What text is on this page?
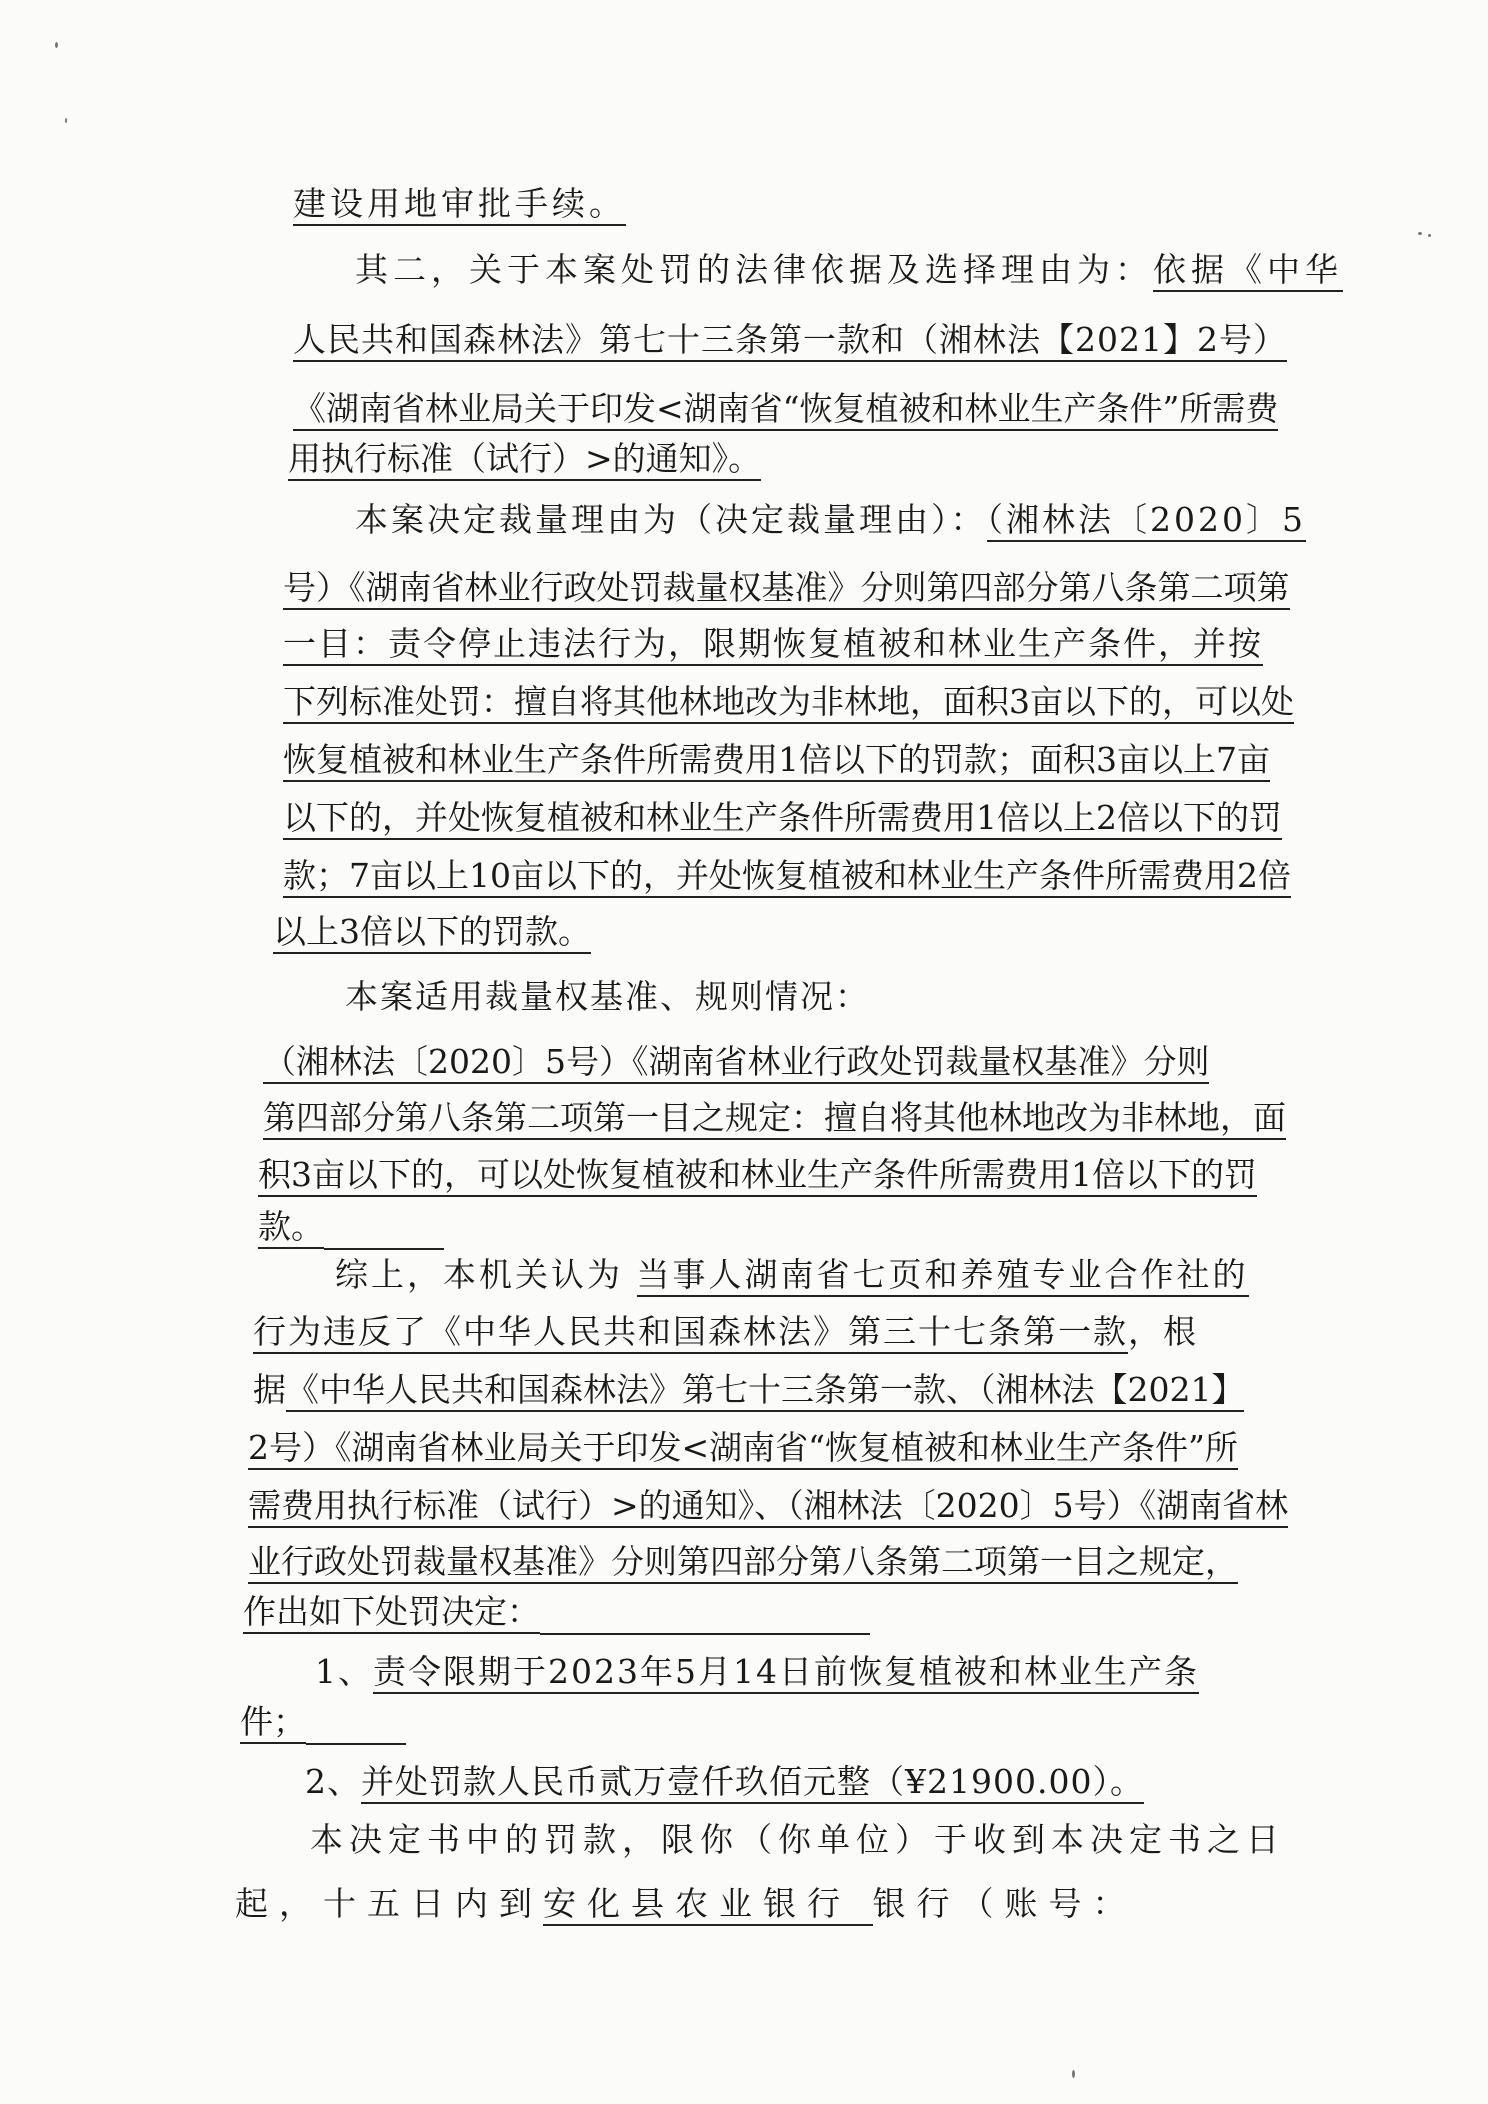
建设用地审批手续。
其二，关于本案处罚的法律依据及选择理由为：依据《中华
人民共和国森林法》第七十三条第一款和（湘林法【2021】2号）
《湖南省林业局关于印发<湖南省“恢复植被和林业生产条件”所需费
用执行标准（试行）>的通知》。
本案决定裁量理由为（决定裁量理由）：（湘林法〔2020〕5
号）《湖南省林业行政处罚裁量权基准》分则第四部分第八条第二项第
一目：责令停止违法行为，限期恢复植被和林业生产条件，并按
下列标准处罚：擅自将其他林地改为非林地，面积3亩以下的，可以处
恢复植被和林业生产条件所需费用1倍以下的罚款；面积3亩以上7亩
以下的，并处恢复植被和林业生产条件所需费用1倍以上2倍以下的罚
款；7亩以上10亩以下的，并处恢复植被和林业生产条件所需费用2倍
以上3倍以下的罚款。
本案适用裁量权基准、规则情况：
（湘林法〔2020〕5号）《湖南省林业行政处罚裁量权基准》分则
第四部分第八条第二项第一目之规定：擅自将其他林地改为非林地，面
积3亩以下的，可以处恢复植被和林业生产条件所需费用1倍以下的罚
款。
综上，本机关认为 当事人湖南省七页和养殖专业合作社的
行为违反了《中华人民共和国森林法》第三十七条第一款，根
据《中华人民共和国森林法》第七十三条第一款、（湘林法【2021】
2号）《湖南省林业局关于印发<湖南省“恢复植被和林业生产条件”所
需费用执行标准（试行）>的通知》、（湘林法〔2020〕5号）《湖南省林
业行政处罚裁量权基准》分则第四部分第八条第二项第一目之规定，
作出如下处罚决定：
1、责令限期于2023年5月14日前恢复植被和林业生产条
件；
2、并处罚款人民币贰万壹仟玖佰元整（¥21900.00）。
本决定书中的罚款，限你（你单位）于收到本决定书之日
起，十五日内到安化县农业银行 银行（账号：
